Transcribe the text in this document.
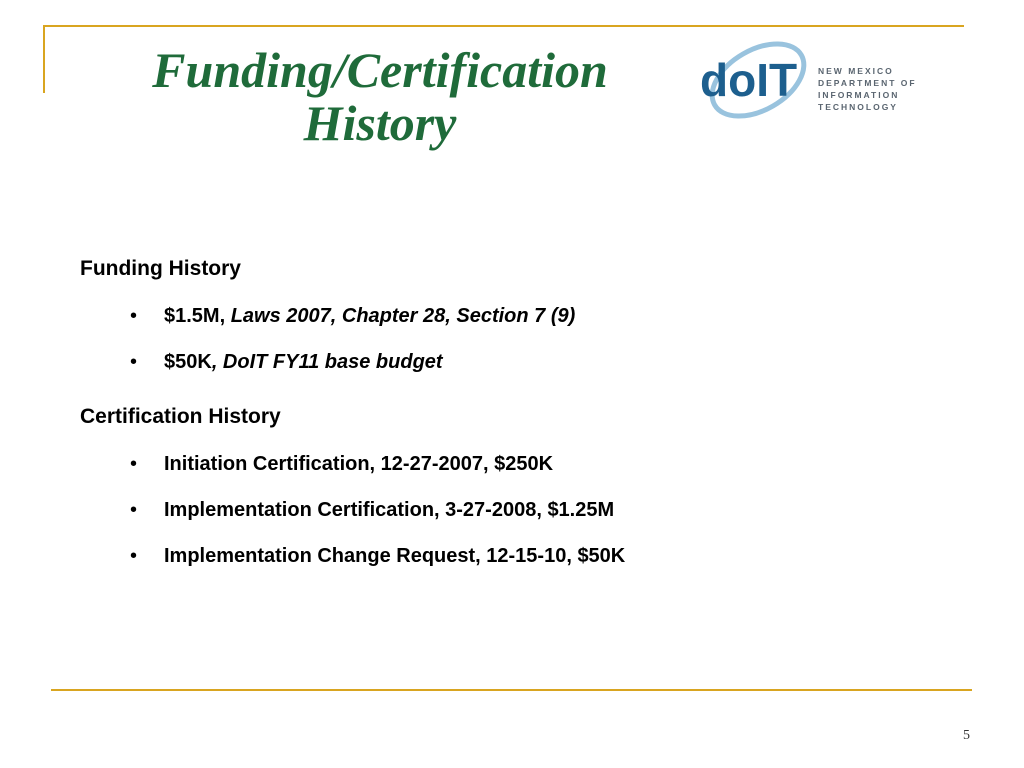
Funding/Certification
History
doIT NEW MEXICO
DEPARTMENT OF
INFORMATION TECHNOLOGY

Funding History

• $1.5M, Laws 2007, Chapter 28, Section 7 (9)
• $50K, DoIT FY11 base budget

Certification History

• Initiation Certification, 12-27-2007, $250K
• Implementation Certification, 3-27-2008, $1.25M
• Implementation Change Request, 12-15-10, $50K
5
